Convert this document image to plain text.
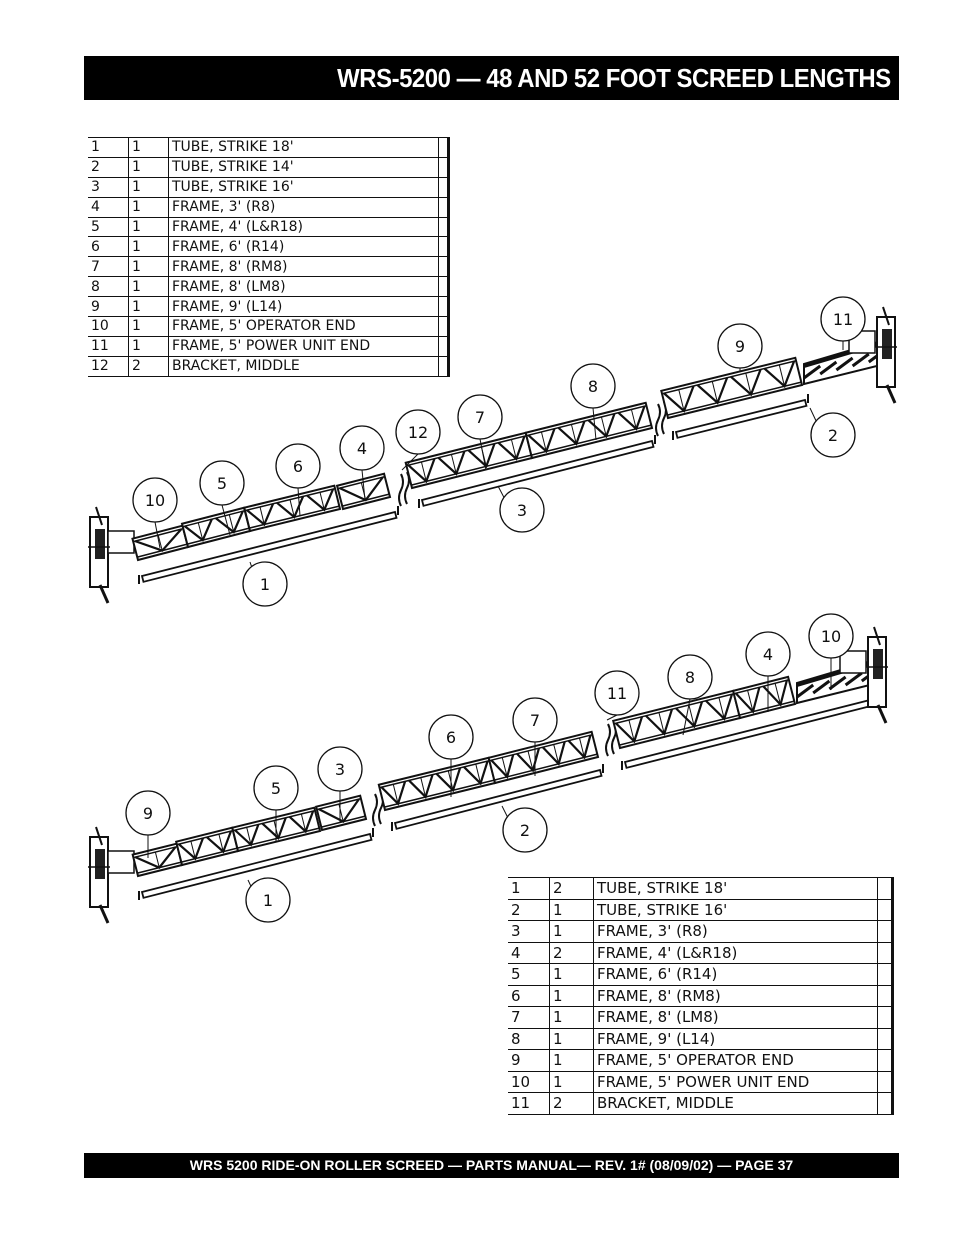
WRS-5200 — 48 AND 52 FOOT SCREED LENGTHS
10
5
6
4
12
7
8
9
11
2
3
1
9
5
3
6
7
11
8
4
10
2
1
1	1	TUBE, STRIKE 18'	
2	1	TUBE, STRIKE 14'	
3	1	TUBE, STRIKE 16'	
4	1	FRAME, 3' (R8)	
5	1	FRAME, 4' (L&R18)	
6	1	FRAME, 6' (R14)	
7	1	FRAME, 8' (RM8)	
8	1	FRAME, 8' (LM8)	
9	1	FRAME, 9' (L14)	
10	1	FRAME, 5' OPERATOR END	
11	1	FRAME, 5' POWER UNIT END	
12	2	BRACKET, MIDDLE	
1	2	TUBE, STRIKE 18'	
2	1	TUBE, STRIKE 16'	
3	1	FRAME, 3' (R8)	
4	2	FRAME, 4' (L&R18)	
5	1	FRAME, 6' (R14)	
6	1	FRAME, 8' (RM8)	
7	1	FRAME, 8' (LM8)	
8	1	FRAME, 9' (L14)	
9	1	FRAME, 5' OPERATOR END	
10	1	FRAME, 5' POWER UNIT END	
11	2	BRACKET, MIDDLE	
WRS 5200 RIDE-ON ROLLER SCREED — PARTS MANUAL— REV. 1# (08/09/02) — PAGE 37
